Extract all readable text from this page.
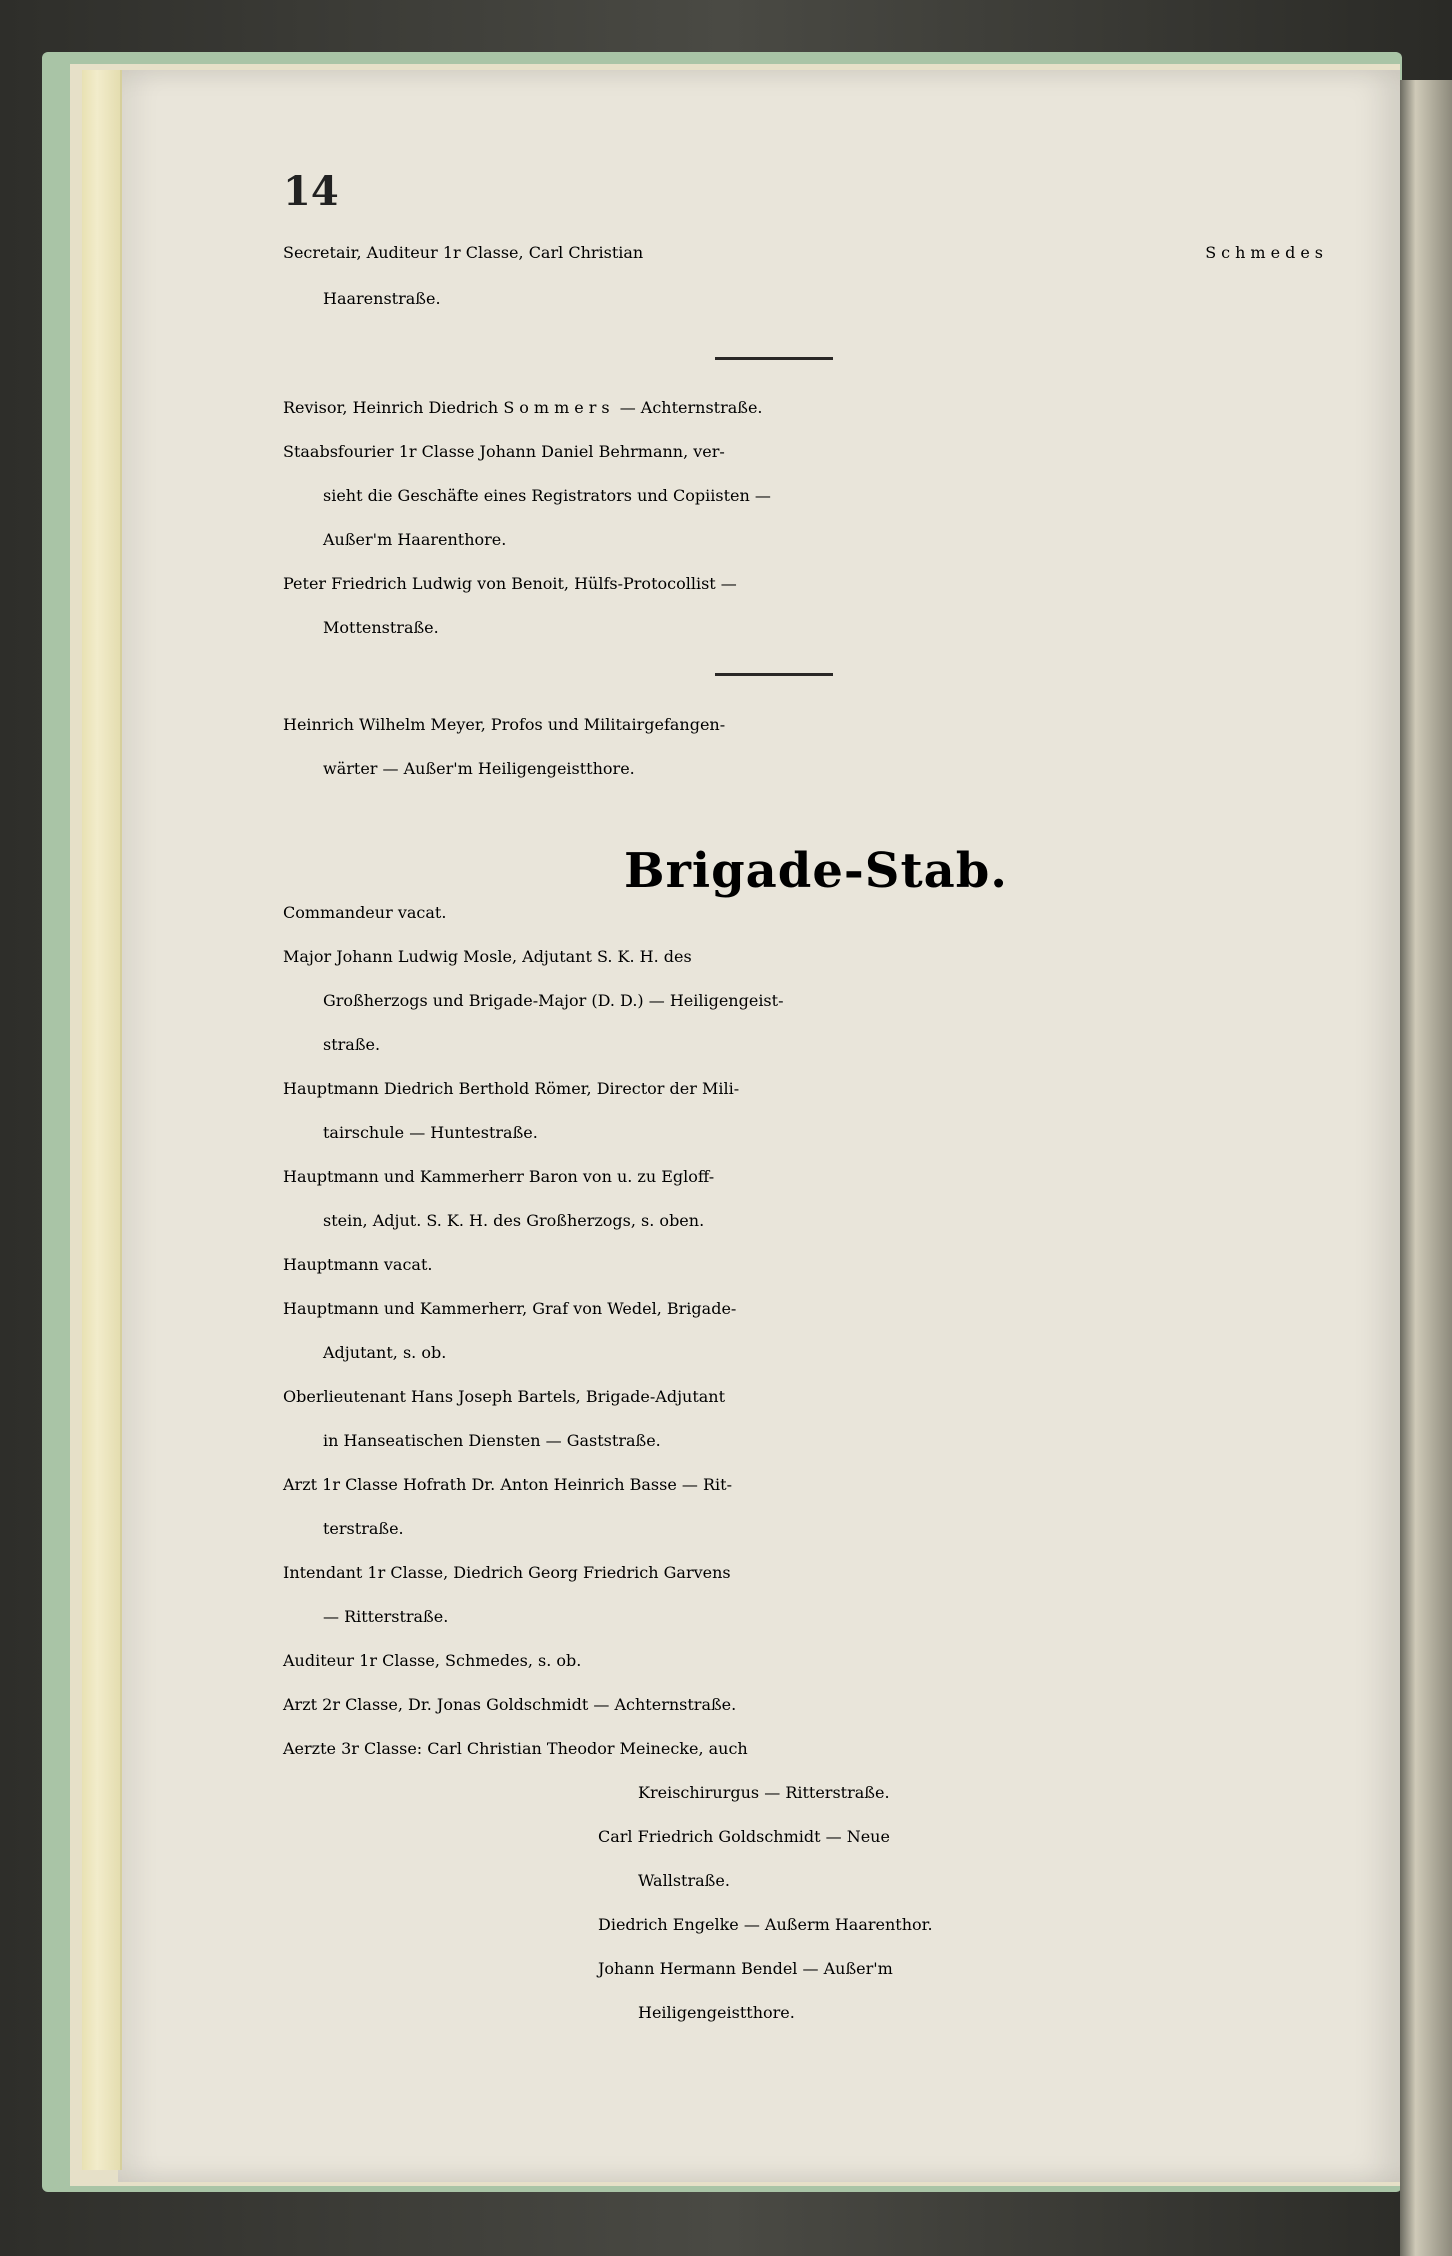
14
Secretair, Auditeur 1r Classe, Carl Christian	Schmedes
Haarenstraße.
Revisor, Heinrich Diedrich Sommers — Achternstraße.
Staabsfourier 1r Classe Johann Daniel Behrmann, ver-
sieht die Geschäfte eines Registrators und Copiisten —
Außer'm Haarenthore.
Peter Friedrich Ludwig von Benoit, Hülfs-Protocollist —
Mottenstraße.
Heinrich Wilhelm Meyer, Profos und Militairgefangen-
wärter — Außer'm Heiligengeistthore.
Brigade-Stab.
Commandeur vacat.
Major Johann Ludwig Mosle, Adjutant S. K. H. des
Großherzogs und Brigade-Major (D. D.) — Heiligengeist-
straße.
Hauptmann Diedrich Berthold Römer, Director der Mili-
tairschule — Huntestraße.
Hauptmann und Kammerherr Baron von u. zu Egloff-
stein, Adjut. S. K. H. des Großherzogs, s. oben.
Hauptmann vacat.
Hauptmann und Kammerherr, Graf von Wedel, Brigade-
Adjutant, s. ob.
Oberlieutenant Hans Joseph Bartels, Brigade-Adjutant
in Hanseatischen Diensten — Gaststraße.
Arzt 1r Classe Hofrath Dr. Anton Heinrich Basse — Rit-
terstraße.
Intendant 1r Classe, Diedrich Georg Friedrich Garvens
— Ritterstraße.
Auditeur 1r Classe, Schmedes, s. ob.
Arzt 2r Classe, Dr. Jonas Goldschmidt — Achternstraße.
Aerzte 3r Classe: Carl Christian Theodor Meinecke, auch
Kreischirurgus — Ritterstraße.
Carl Friedrich Goldschmidt — Neue
Wallstraße.
Diedrich Engelke — Außerm Haarenthor.
Johann Hermann Bendel — Außer'm
Heiligengeistthore.
